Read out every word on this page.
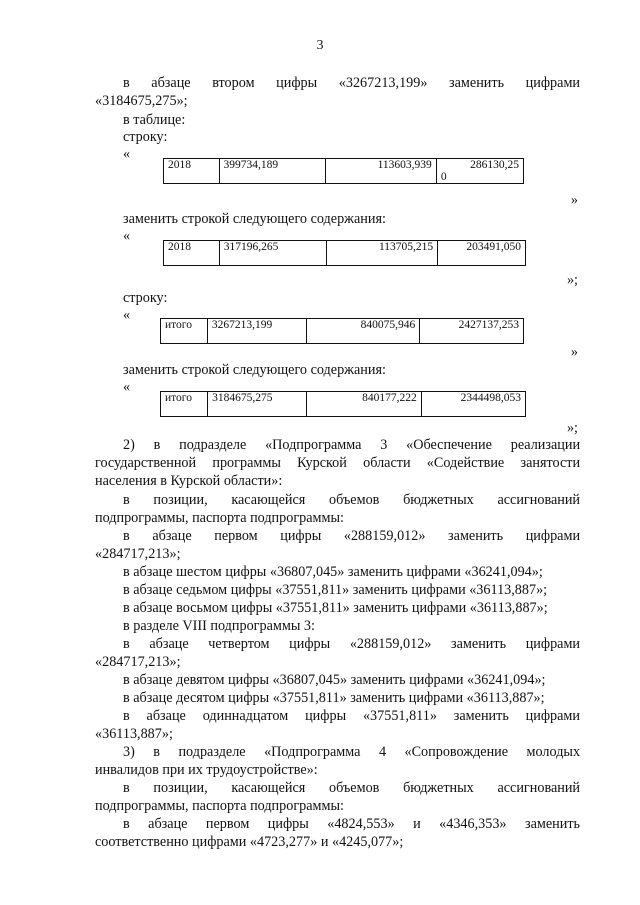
3
в абзаце втором цифры «3267213,199» заменить цифрами
«3184675,275»;
в таблице:
строку:
«
2018	399734,189	113603,939	286130,25
0
»
заменить строкой следующего содержания:
«
2018	317196,265	113705,215	203491,050
»;
строку:
«
итого	3267213,199	840075,946	2427137,253
»
заменить строкой следующего содержания:
«
итого	3184675,275	840177,222	2344498,053
»;
2) в подразделе «Подпрограмма 3 «Обеспечение реализации
государственной программы Курской области «Содействие занятости
населения в Курской области»:
в позиции, касающейся объемов бюджетных ассигнований
подпрограммы, паспорта подпрограммы:
в абзаце первом цифры «288159,012» заменить цифрами
«284717,213»;
в абзаце шестом цифры «36807,045» заменить цифрами «36241,094»;
в абзаце седьмом цифры «37551,811» заменить цифрами «36113,887»;
в абзаце восьмом цифры «37551,811» заменить цифрами «36113,887»;
в разделе VIII подпрограммы 3:
в абзаце четвертом цифры «288159,012» заменить цифрами
«284717,213»;
в абзаце девятом цифры «36807,045» заменить цифрами «36241,094»;
в абзаце десятом цифры «37551,811» заменить цифрами «36113,887»;
в абзаце одиннадцатом цифры «37551,811» заменить цифрами
«36113,887»;
3) в подразделе «Подпрограмма 4 «Сопровождение молодых
инвалидов при их трудоустройстве»:
в позиции, касающейся объемов бюджетных ассигнований
подпрограммы, паспорта подпрограммы:
в абзаце первом цифры «4824,553» и «4346,353» заменить
соответственно цифрами «4723,277» и «4245,077»;
